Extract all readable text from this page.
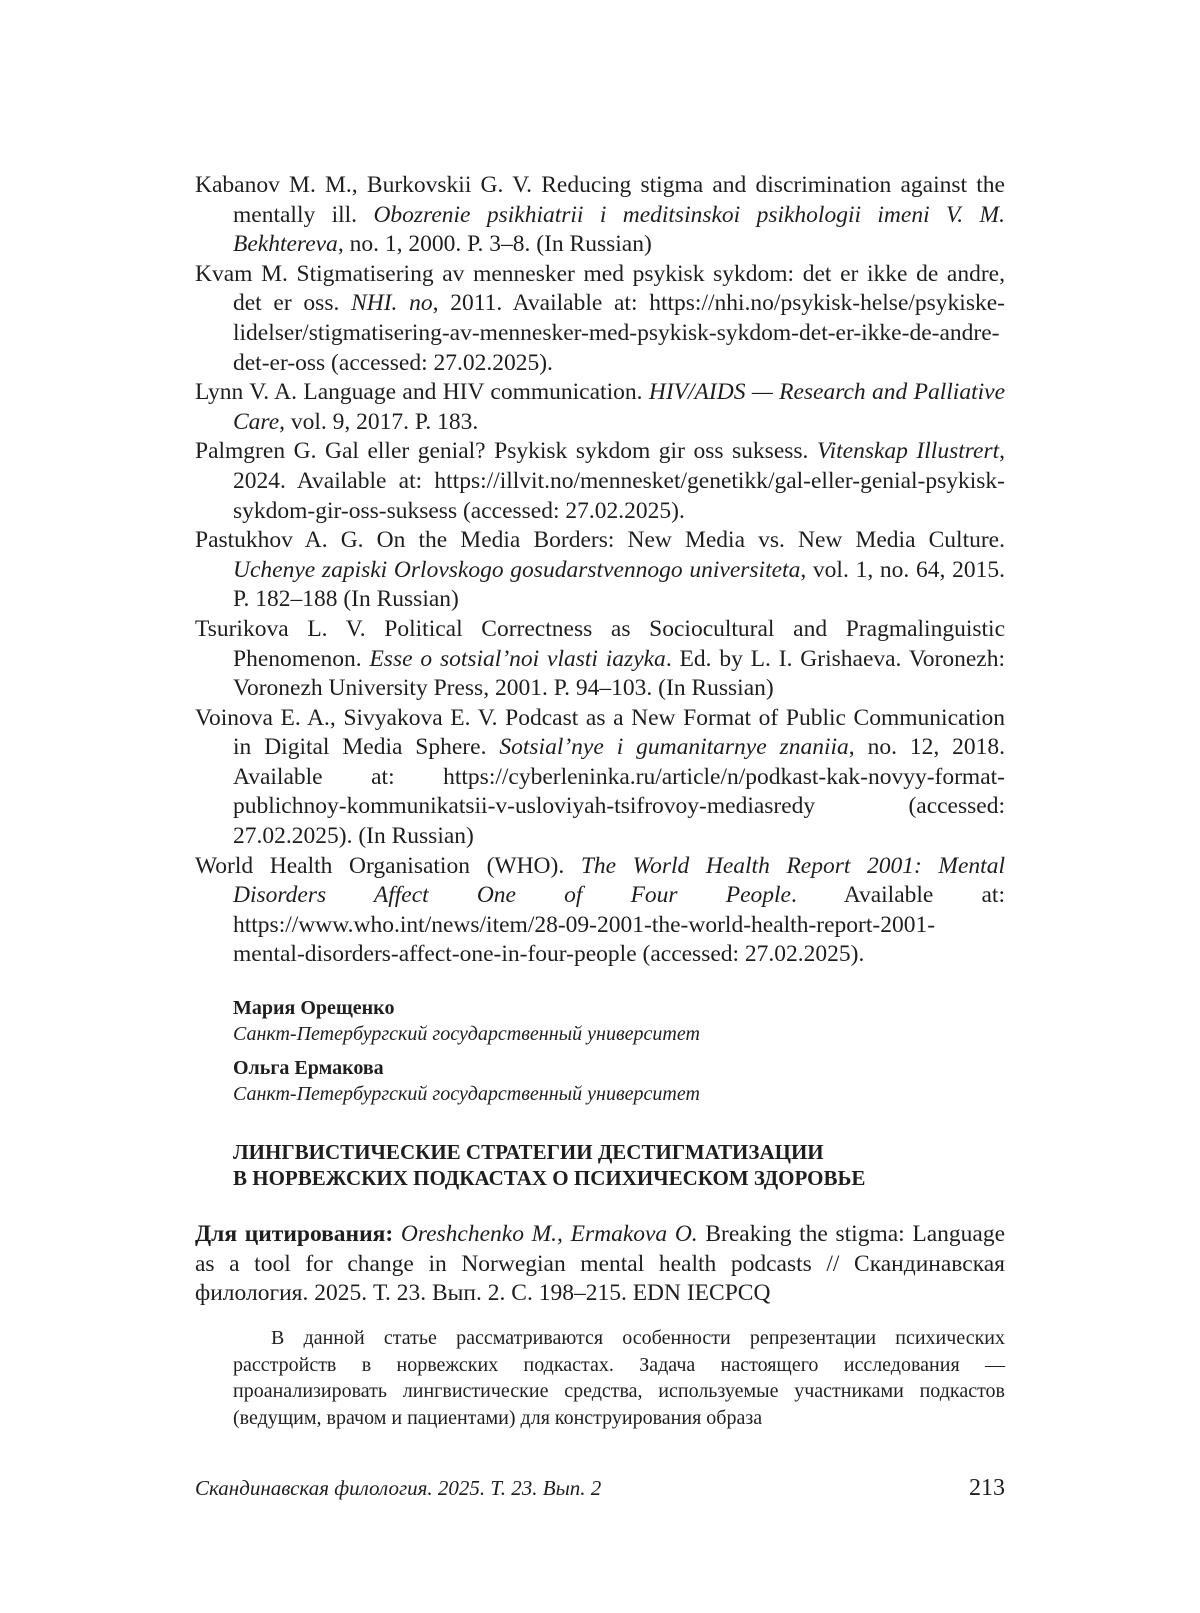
Kabanov M. M., Burkovskii G. V. Reducing stigma and discrimination against the mentally ill. Obozrenie psikhiatrii i meditsinskoi psikhologii imeni V. M. Bekhtereva, no. 1, 2000. P. 3–8. (In Russian)
Kvam M. Stigmatisering av mennesker med psykisk sykdom: det er ikke de andre, det er oss. NHI. no, 2011. Available at: https://nhi.no/psykisk-helse/psykiske-lidelser/stigmatisering-av-mennesker-med-psykisk-sykdom-det-er-ikke-de-andre-det-er-oss (accessed: 27.02.2025).
Lynn V. A. Language and HIV communication. HIV/AIDS — Research and Palliative Care, vol. 9, 2017. P. 183.
Palmgren G. Gal eller genial? Psykisk sykdom gir oss suksess. Vitenskap Illustrert, 2024. Available at: https://illvit.no/mennesket/genetikk/gal-eller-genial-psykisk-sykdom-gir-oss-suksess (accessed: 27.02.2025).
Pastukhov A. G. On the Media Borders: New Media vs. New Media Culture. Uchenye zapiski Orlovskogo gosudarstvennogo universiteta, vol. 1, no. 64, 2015. P. 182–188 (In Russian)
Tsurikova L. V. Political Correctness as Sociocultural and Pragmalinguistic Phenomenon. Esse o sotsial’noi vlasti iazyka. Ed. by L. I. Grishaeva. Voronezh: Voronezh University Press, 2001. P. 94–103. (In Russian)
Voinova E. A., Sivyakova E. V. Podcast as a New Format of Public Communication in Digital Media Sphere. Sotsial’nye i gumanitarnye znaniia, no. 12, 2018. Available at: https://cyberleninka.ru/article/n/podkast-kak-novyy-format-publichnoy-kommunikatsii-v-usloviyah-tsifrovoy-mediasredy (accessed: 27.02.2025). (In Russian)
World Health Organisation (WHO). The World Health Report 2001: Mental Disorders Affect One of Four People. Available at: https://www.who.int/news/item/28-09-2001-the-world-health-report-2001-mental-disorders-affect-one-in-four-people (accessed: 27.02.2025).
Мария Орещенко
Санкт-Петербургский государственный университет
Ольга Ермакова
Санкт-Петербургский государственный университет
ЛИНГВИСТИЧЕСКИЕ СТРАТЕГИИ ДЕСТИГМАТИЗАЦИИ
В НОРВЕЖСКИХ ПОДКАСТАХ О ПСИХИЧЕСКОМ ЗДОРОВЬЕ
Для цитирования: Oreshchenko M., Ermakova O. Breaking the stigma: Language as a tool for change in Norwegian mental health podcasts // Скандинавская филология. 2025. Т. 23. Вып. 2. С. 198–215. EDN IECPCQ
В данной статье рассматриваются особенности репрезентации психических расстройств в норвежских подкастах. Задача настоящего исследования — проанализировать лингвистические средства, используемые участниками подкастов (ведущим, врачом и пациентами) для конструирования образа
Скандинавская филология. 2025. Т. 23. Вып. 2	213
